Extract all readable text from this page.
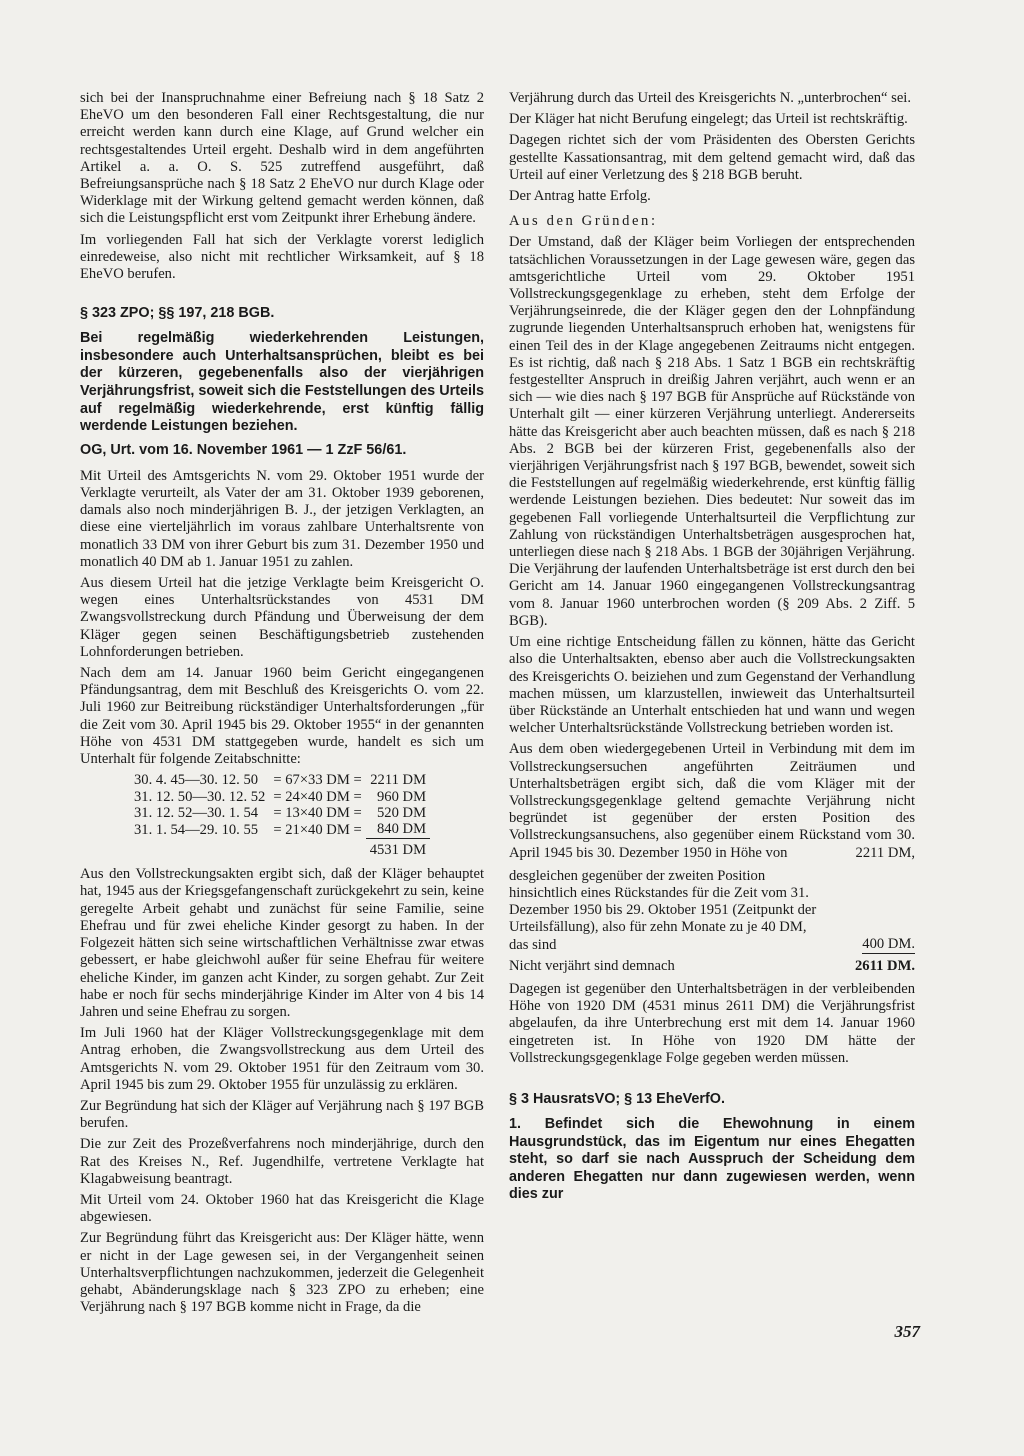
sich bei der Inanspruchnahme einer Befreiung nach § 18 Satz 2 EheVO um den besonderen Fall einer Rechtsgestaltung, die nur erreicht werden kann durch eine Klage, auf Grund welcher ein rechtsgestaltendes Urteil ergeht. Deshalb wird in dem angeführten Artikel a. a. O. S. 525 zutreffend ausgeführt, daß Befreiungsansprüche nach § 18 Satz 2 EheVO nur durch Klage oder Widerklage mit der Wirkung geltend gemacht werden können, daß sich die Leistungspflicht erst vom Zeitpunkt ihrer Erhebung ändere.

Im vorliegenden Fall hat sich der Verklagte vorerst lediglich einredeweise, also nicht mit rechtlicher Wirksamkeit, auf § 18 EheVO berufen.

§ 323 ZPO; §§ 197, 218 BGB.
Bei regelmäßig wiederkehrenden Leistungen, insbesondere auch Unterhaltsansprüchen, bleibt es bei der kürzeren, gegebenenfalls also der vierjährigen Verjährungsfrist, soweit sich die Feststellungen des Urteils auf regelmäßig wiederkehrende, erst künftig fällig werdende Leistungen beziehen.
OG, Urt. vom 16. November 1961 — 1 ZzF 56/61.

Mit Urteil des Amtsgerichts N. vom 29. Oktober 1951 wurde der Verklagte verurteilt, als Vater der am 31. Oktober 1939 geborenen, damals also noch minderjährigen B. J., der jetzigen Verklagten, an diese eine vierteljährlich im voraus zahlbare Unterhaltsrente von monatlich 33 DM von ihrer Geburt bis zum 31. Dezember 1950 und monatlich 40 DM ab 1. Januar 1951 zu zahlen.

Aus diesem Urteil hat die jetzige Verklagte beim Kreisgericht O. wegen eines Unterhaltsrückstandes von 4531 DM Zwangsvollstreckung durch Pfändung und Überweisung der dem Kläger gegen seinen Beschäftigungsbetrieb zustehenden Lohnforderungen betrieben.

Nach dem am 14. Januar 1960 beim Gericht eingegangenen Pfändungsantrag, dem mit Beschluß des Kreisgerichts O. vom 22. Juli 1960 zur Beitreibung rückständiger Unterhaltsforderungen „für die Zeit vom 30. April 1945 bis 29. Oktober 1955“ in der genannten Höhe von 4531 DM stattgegeben wurde, handelt es sich um Unterhalt für folgende Zeitabschnitte:

30. 4. 45—30. 12. 50	= 67×33 DM =	2211 DM
31. 12. 50—30. 12. 52	= 24×40 DM =	960 DM
31. 12. 52—30. 1. 54	= 13×40 DM =	520 DM
31. 1. 54—29. 10. 55	= 21×40 DM =	840 DM
		4531 DM

Aus den Vollstreckungsakten ergibt sich, daß der Kläger behauptet hat, 1945 aus der Kriegsgefangenschaft zurückgekehrt zu sein, keine geregelte Arbeit gehabt und zunächst für seine Familie, seine Ehefrau und für zwei eheliche Kinder gesorgt zu haben. In der Folgezeit hätten sich seine wirtschaftlichen Verhältnisse zwar etwas gebessert, er habe gleichwohl außer für seine Ehefrau für weitere eheliche Kinder, im ganzen acht Kinder, zu sorgen gehabt. Zur Zeit habe er noch für sechs minderjährige Kinder im Alter von 4 bis 14 Jahren und seine Ehefrau zu sorgen.

Im Juli 1960 hat der Kläger Vollstreckungsgegenklage mit dem Antrag erhoben, die Zwangsvollstreckung aus dem Urteil des Amtsgerichts N. vom 29. Oktober 1951 für den Zeitraum vom 30. April 1945 bis zum 29. Oktober 1955 für unzulässig zu erklären.

Zur Begründung hat sich der Kläger auf Verjährung nach § 197 BGB berufen.

Die zur Zeit des Prozeßverfahrens noch minderjährige, durch den Rat des Kreises N., Ref. Jugendhilfe, vertretene Verklagte hat Klagabweisung beantragt.

Mit Urteil vom 24. Oktober 1960 hat das Kreisgericht die Klage abgewiesen.

Zur Begründung führt das Kreisgericht aus: Der Kläger hätte, wenn er nicht in der Lage gewesen sei, in der Vergangenheit seinen Unterhaltsverpflichtungen nachzukommen, jederzeit die Gelegenheit gehabt, Abänderungsklage nach § 323 ZPO zu erheben; eine Verjährung nach § 197 BGB komme nicht in Frage, da die

Verjährung durch das Urteil des Kreisgerichts N. „unterbrochen“ sei.

Der Kläger hat nicht Berufung eingelegt; das Urteil ist rechtskräftig.

Dagegen richtet sich der vom Präsidenten des Obersten Gerichts gestellte Kassationsantrag, mit dem geltend gemacht wird, daß das Urteil auf einer Verletzung des § 218 BGB beruht.

Der Antrag hatte Erfolg.

Aus den Gründen:

Der Umstand, daß der Kläger beim Vorliegen der entsprechenden tatsächlichen Voraussetzungen in der Lage gewesen wäre, gegen das amtsgerichtliche Urteil vom 29. Oktober 1951 Vollstreckungsgegenklage zu erheben, steht dem Erfolge der Verjährungseinrede, die der Kläger gegen den der Lohnpfändung zugrunde liegenden Unterhaltsanspruch erhoben hat, wenigstens für einen Teil des in der Klage angegebenen Zeitraums nicht entgegen. Es ist richtig, daß nach § 218 Abs. 1 Satz 1 BGB ein rechtskräftig festgestellter Anspruch in dreißig Jahren verjährt, auch wenn er an sich — wie dies nach § 197 BGB für Ansprüche auf Rückstände von Unterhalt gilt — einer kürzeren Verjährung unterliegt. Andererseits hätte das Kreisgericht aber auch beachten müssen, daß es nach § 218 Abs. 2 BGB bei der kürzeren Frist, gegebenenfalls also der vierjährigen Verjährungsfrist nach § 197 BGB, bewendet, soweit sich die Feststellungen auf regelmäßig wiederkehrende, erst künftig fällig werdende Leistungen beziehen. Dies bedeutet: Nur soweit das im gegebenen Fall vorliegende Unterhaltsurteil die Verpflichtung zur Zahlung von rückständigen Unterhaltsbeträgen ausgesprochen hat, unterliegen diese nach § 218 Abs. 1 BGB der 30jährigen Verjährung. Die Verjährung der laufenden Unterhaltsbeträge ist erst durch den bei Gericht am 14. Januar 1960 eingegangenen Vollstreckungsantrag vom 8. Januar 1960 unterbrochen worden (§ 209 Abs. 2 Ziff. 5 BGB).

Um eine richtige Entscheidung fällen zu können, hätte das Gericht also die Unterhaltsakten, ebenso aber auch die Vollstreckungsakten des Kreisgerichts O. beiziehen und zum Gegenstand der Verhandlung machen müssen, um klarzustellen, inwieweit das Unterhaltsurteil über Rückstände an Unterhalt entschieden hat und wann und wegen welcher Unterhaltsrückstände Vollstreckung betrieben worden ist.

Aus dem oben wiedergegebenen Urteil in Verbindung mit dem im Vollstreckungsersuchen angeführten Zeiträumen und Unterhaltsbeträgen ergibt sich, daß die vom Kläger mit der Vollstreckungsgegenklage geltend gemachte Verjährung nicht begründet ist gegenüber der ersten Position des Vollstreckungsansuchens, also gegenüber einem Rückstand vom 30. April 1945 bis 30. Dezember 1950 in Höhe von	2211 DM,
desgleichen gegenüber der zweiten Position hinsichtlich eines Rückstandes für die Zeit vom 31. Dezember 1950 bis 29. Oktober 1951 (Zeitpunkt der Urteilsfällung), also für zehn Monate zu je 40 DM, das sind	400 DM.
Nicht verjährt sind demnach	2611 DM.

Dagegen ist gegenüber den Unterhaltsbeträgen in der verbleibenden Höhe von 1920 DM (4531 minus 2611 DM) die Verjährungsfrist abgelaufen, da ihre Unterbrechung erst mit dem 14. Januar 1960 eingetreten ist. In Höhe von 1920 DM hätte der Vollstreckungsgegenklage Folge gegeben werden müssen.

§ 3 HausratsVO; § 13 EheVerfO.
1. Befindet sich die Ehewohnung in einem Hausgrundstück, das im Eigentum nur eines Ehegatten steht, so darf sie nach Ausspruch der Scheidung dem anderen Ehegatten nur dann zugewiesen werden, wenn dies zur
357
